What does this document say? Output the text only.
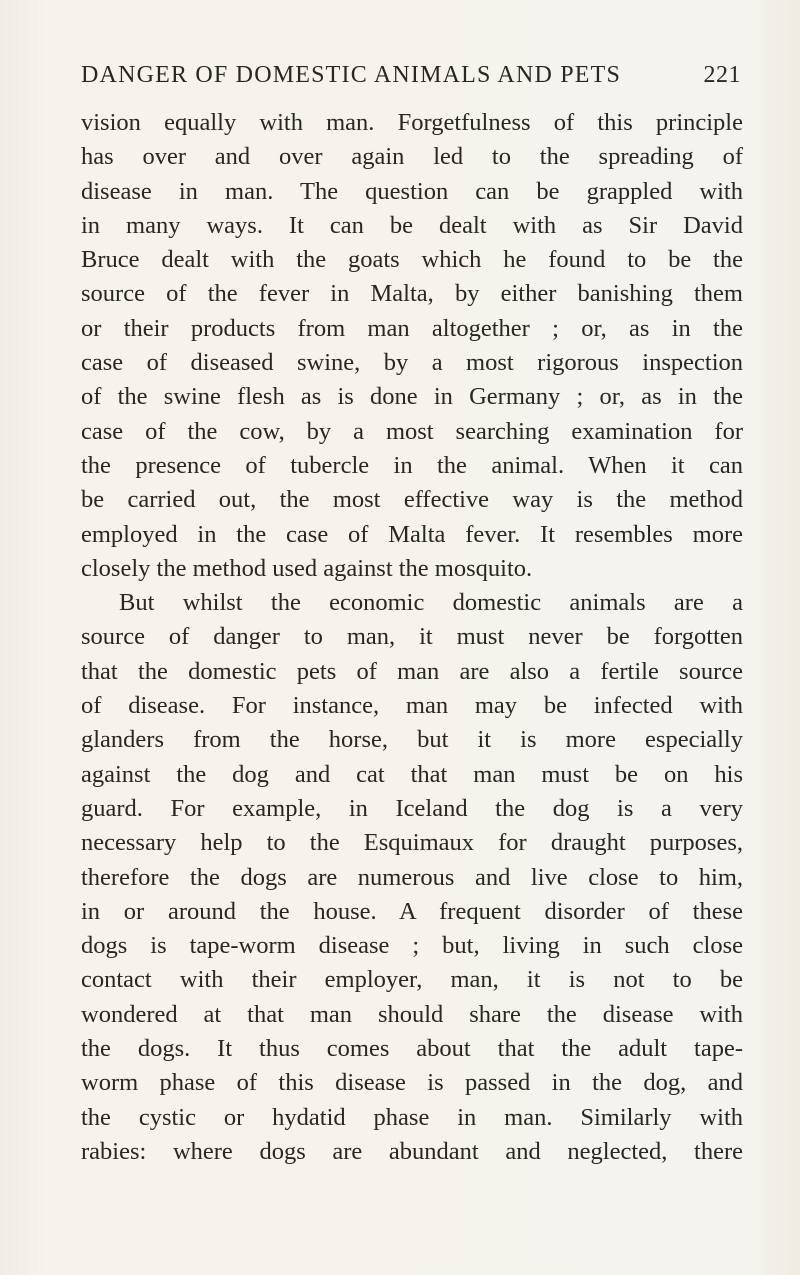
DANGER OF DOMESTIC ANIMALS AND PETS	221
vision equally with man. Forgetfulness of this principle
has over and over again led to the spreading of
disease in man. The question can be grappled with
in many ways. It can be dealt with as Sir David
Bruce dealt with the goats which he found to be the
source of the fever in Malta, by either banishing them
or their products from man altogether ; or, as in the
case of diseased swine, by a most rigorous inspection
of the swine flesh as is done in Germany ; or, as in the
case of the cow, by a most searching examination for
the presence of tubercle in the animal. When it can
be carried out, the most effective way is the method
employed in the case of Malta fever. It resembles more
closely the method used against the mosquito.
But whilst the economic domestic animals are a
source of danger to man, it must never be forgotten
that the domestic pets of man are also a fertile source
of disease. For instance, man may be infected with
glanders from the horse, but it is more especially
against the dog and cat that man must be on his
guard. For example, in Iceland the dog is a very
necessary help to the Esquimaux for draught purposes,
therefore the dogs are numerous and live close to him,
in or around the house. A frequent disorder of these
dogs is tape-worm disease ; but, living in such close
contact with their employer, man, it is not to be
wondered at that man should share the disease with
the dogs. It thus comes about that the adult tape-
worm phase of this disease is passed in the dog, and
the cystic or hydatid phase in man. Similarly with
rabies: where dogs are abundant and neglected, there
